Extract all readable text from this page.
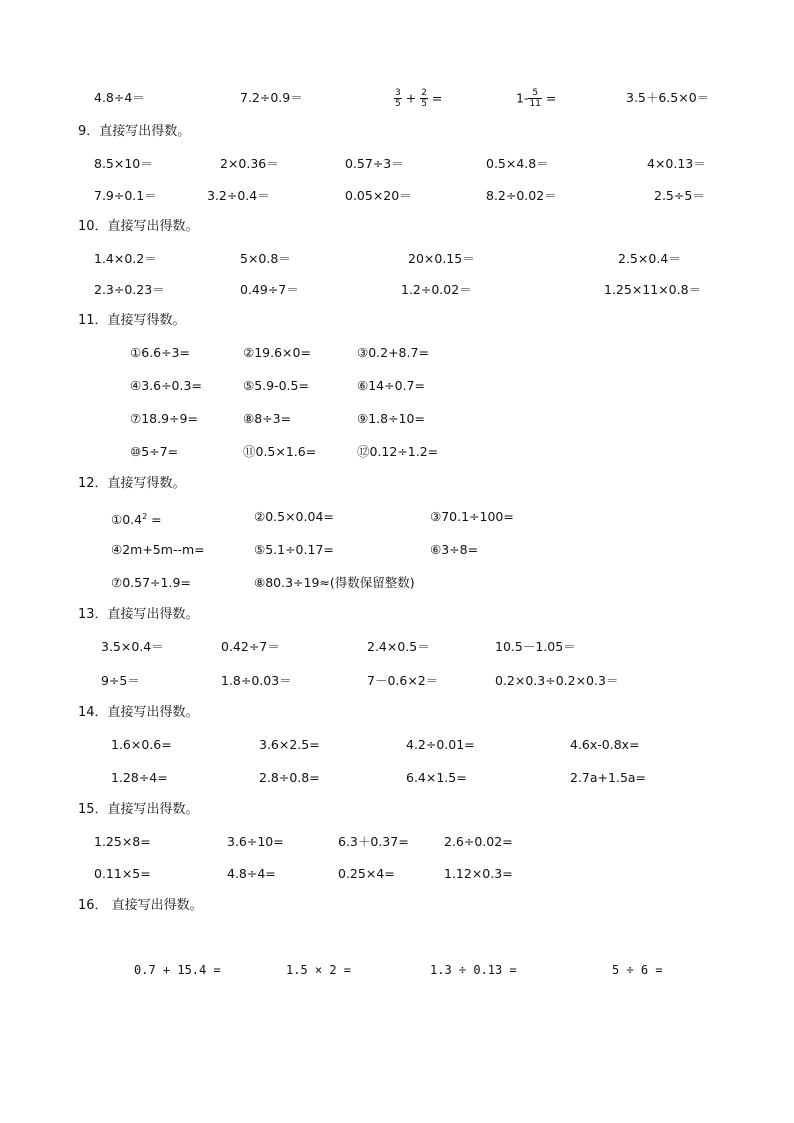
4.8÷4＝	7.2÷0.9＝	$\frac{3}{5} + \frac{2}{5}$ =	$1- \frac{5}{11}$ =	3.5＋6.5×0＝
9．直接写出得数。
8.5×10＝	2×0.36＝	0.57÷3＝	0.5×4.8＝	4×0.13＝
7.9÷0.1＝	3.2÷0.4＝	0.05×20＝	8.2÷0.02＝	2.5÷5＝
10．直接写出得数。
1.4×0.2＝	5×0.8＝	20×0.15＝	2.5×0.4＝
2.3÷0.23＝	0.49÷7＝	1.2÷0.02＝	1.25×11×0.8＝
11．直接写得数。
①6.6÷3=	②19.6×0=	③0.2+8.7=
④3.6÷0.3=	⑤5.9-0.5=	⑥14÷0.7=
⑦18.9÷9=	⑧8÷3=	⑨1.8÷10=
⑩5÷7=	⑪0.5×1.6=	⑫0.12÷1.2=
12．直接写得数。
$①0.4^2$ =	②0.5×0.04=	③70.1÷100=
④2m+5m--m=	⑤5.1÷0.17=	⑥3÷8=
⑦0.57÷1.9=	⑧80.3÷19≈(得数保留整数)
13．直接写出得数。
3.5×0.4＝	0.42÷7＝	2.4×0.5＝	10.5－1.05＝
9÷5＝	1.8÷0.03＝	7－0.6×2＝	0.2×0.3÷0.2×0.3＝
14．直接写出得数。
1.6×0.6=	3.6×2.5=	4.2÷0.01=	4.6x-0.8x=
1.28÷4=	2.8÷0.8=	6.4×1.5=	2.7a+1.5a=
15．直接写出得数。
1.25×8=	3.6÷10=	6.3＋0.37=	2.6÷0.02=
0.11×5=	4.8÷4=	0.25×4=	1.12×0.3=
16． 直接写出得数。
0.7 + 15.4 =	1.5 × 2 =	1.3 ÷ 0.13 =	5 ÷ 6 =
